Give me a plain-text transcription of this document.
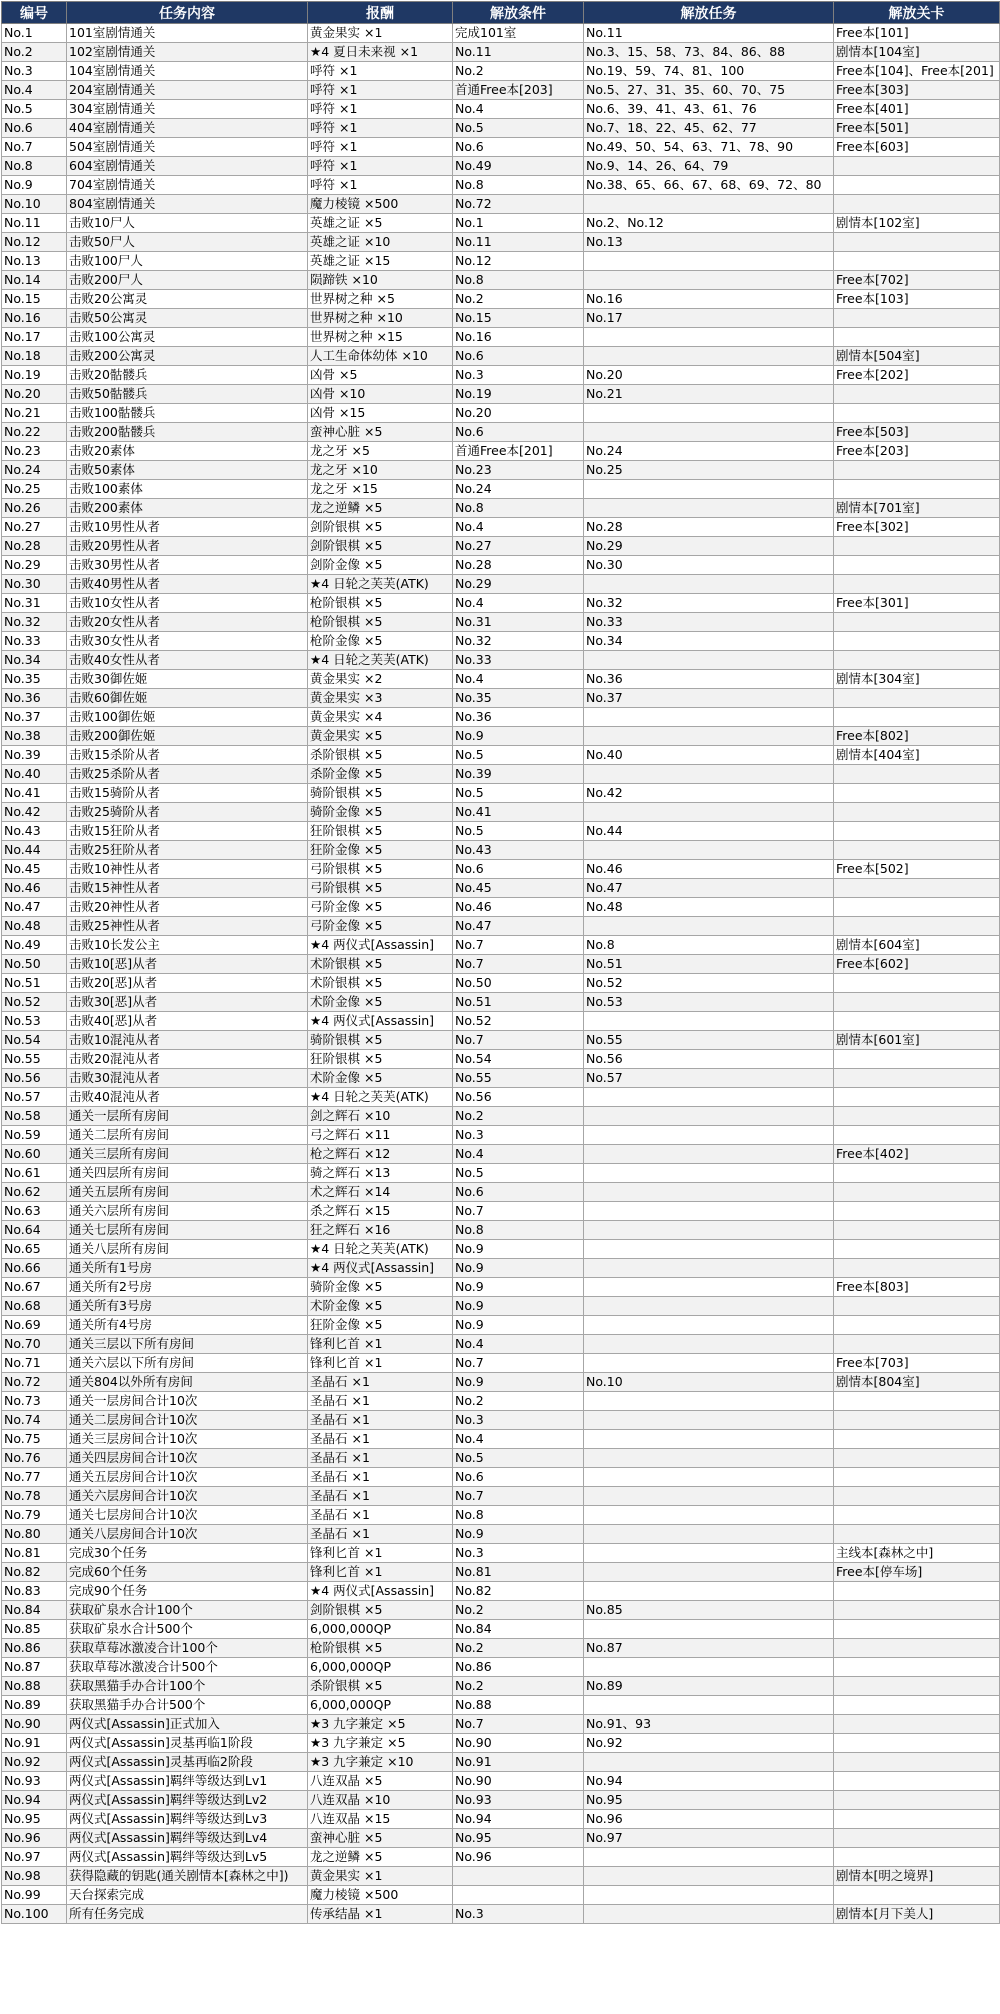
编号	任务内容	报酬	解放条件	解放任务	解放关卡
No.1	101室剧情通关	黄金果实 ×1	完成101室	No.11	Free本[101]
No.2	102室剧情通关	★4 夏日未来视 ×1	No.11	No.3、15、58、73、84、86、88	剧情本[104室]
No.3	104室剧情通关	呼符 ×1	No.2	No.19、59、74、81、100	Free本[104]、Free本[201]
No.4	204室剧情通关	呼符 ×1	首通Free本[203]	No.5、27、31、35、60、70、75	Free本[303]
No.5	304室剧情通关	呼符 ×1	No.4	No.6、39、41、43、61、76	Free本[401]
No.6	404室剧情通关	呼符 ×1	No.5	No.7、18、22、45、62、77	Free本[501]
No.7	504室剧情通关	呼符 ×1	No.6	No.49、50、54、63、71、78、90	Free本[603]
No.8	604室剧情通关	呼符 ×1	No.49	No.9、14、26、64、79	
No.9	704室剧情通关	呼符 ×1	No.8	No.38、65、66、67、68、69、72、80	
No.10	804室剧情通关	魔力棱镜 ×500	No.72		
No.11	击败10尸人	英雄之证 ×5	No.1	No.2、No.12	剧情本[102室]
No.12	击败50尸人	英雄之证 ×10	No.11	No.13	
No.13	击败100尸人	英雄之证 ×15	No.12		
No.14	击败200尸人	陨蹄铁 ×10	No.8		Free本[702]
No.15	击败20公寓灵	世界树之种 ×5	No.2	No.16	Free本[103]
No.16	击败50公寓灵	世界树之种 ×10	No.15	No.17	
No.17	击败100公寓灵	世界树之种 ×15	No.16		
No.18	击败200公寓灵	人工生命体幼体 ×10	No.6		剧情本[504室]
No.19	击败20骷髅兵	凶骨 ×5	No.3	No.20	Free本[202]
No.20	击败50骷髅兵	凶骨 ×10	No.19	No.21	
No.21	击败100骷髅兵	凶骨 ×15	No.20		
No.22	击败200骷髅兵	蛮神心脏 ×5	No.6		Free本[503]
No.23	击败20素体	龙之牙 ×5	首通Free本[201]	No.24	Free本[203]
No.24	击败50素体	龙之牙 ×10	No.23	No.25	
No.25	击败100素体	龙之牙 ×15	No.24		
No.26	击败200素体	龙之逆鳞 ×5	No.8		剧情本[701室]
No.27	击败10男性从者	剑阶银棋 ×5	No.4	No.28	Free本[302]
No.28	击败20男性从者	剑阶银棋 ×5	No.27	No.29	
No.29	击败30男性从者	剑阶金像 ×5	No.28	No.30	
No.30	击败40男性从者	★4 日轮之芙芙(ATK)	No.29		
No.31	击败10女性从者	枪阶银棋 ×5	No.4	No.32	Free本[301]
No.32	击败20女性从者	枪阶银棋 ×5	No.31	No.33	
No.33	击败30女性从者	枪阶金像 ×5	No.32	No.34	
No.34	击败40女性从者	★4 日轮之芙芙(ATK)	No.33		
No.35	击败30御佐姬	黄金果实 ×2	No.4	No.36	剧情本[304室]
No.36	击败60御佐姬	黄金果实 ×3	No.35	No.37	
No.37	击败100御佐姬	黄金果实 ×4	No.36		
No.38	击败200御佐姬	黄金果实 ×5	No.9		Free本[802]
No.39	击败15杀阶从者	杀阶银棋 ×5	No.5	No.40	剧情本[404室]
No.40	击败25杀阶从者	杀阶金像 ×5	No.39		
No.41	击败15骑阶从者	骑阶银棋 ×5	No.5	No.42	
No.42	击败25骑阶从者	骑阶金像 ×5	No.41		
No.43	击败15狂阶从者	狂阶银棋 ×5	No.5	No.44	
No.44	击败25狂阶从者	狂阶金像 ×5	No.43		
No.45	击败10神性从者	弓阶银棋 ×5	No.6	No.46	Free本[502]
No.46	击败15神性从者	弓阶银棋 ×5	No.45	No.47	
No.47	击败20神性从者	弓阶金像 ×5	No.46	No.48	
No.48	击败25神性从者	弓阶金像 ×5	No.47		
No.49	击败10长发公主	★4 两仪式[Assassin]	No.7	No.8	剧情本[604室]
No.50	击败10[恶]从者	术阶银棋 ×5	No.7	No.51	Free本[602]
No.51	击败20[恶]从者	术阶银棋 ×5	No.50	No.52	
No.52	击败30[恶]从者	术阶金像 ×5	No.51	No.53	
No.53	击败40[恶]从者	★4 两仪式[Assassin]	No.52		
No.54	击败10混沌从者	骑阶银棋 ×5	No.7	No.55	剧情本[601室]
No.55	击败20混沌从者	狂阶银棋 ×5	No.54	No.56	
No.56	击败30混沌从者	术阶金像 ×5	No.55	No.57	
No.57	击败40混沌从者	★4 日轮之芙芙(ATK)	No.56		
No.58	通关一层所有房间	剑之辉石 ×10	No.2		
No.59	通关二层所有房间	弓之辉石 ×11	No.3		
No.60	通关三层所有房间	枪之辉石 ×12	No.4		Free本[402]
No.61	通关四层所有房间	骑之辉石 ×13	No.5		
No.62	通关五层所有房间	术之辉石 ×14	No.6		
No.63	通关六层所有房间	杀之辉石 ×15	No.7		
No.64	通关七层所有房间	狂之辉石 ×16	No.8		
No.65	通关八层所有房间	★4 日轮之芙芙(ATK)	No.9		
No.66	通关所有1号房	★4 两仪式[Assassin]	No.9		
No.67	通关所有2号房	骑阶金像 ×5	No.9		Free本[803]
No.68	通关所有3号房	术阶金像 ×5	No.9		
No.69	通关所有4号房	狂阶金像 ×5	No.9		
No.70	通关三层以下所有房间	锋利匕首 ×1	No.4		
No.71	通关六层以下所有房间	锋利匕首 ×1	No.7		Free本[703]
No.72	通关804以外所有房间	圣晶石 ×1	No.9	No.10	剧情本[804室]
No.73	通关一层房间合计10次	圣晶石 ×1	No.2		
No.74	通关二层房间合计10次	圣晶石 ×1	No.3		
No.75	通关三层房间合计10次	圣晶石 ×1	No.4		
No.76	通关四层房间合计10次	圣晶石 ×1	No.5		
No.77	通关五层房间合计10次	圣晶石 ×1	No.6		
No.78	通关六层房间合计10次	圣晶石 ×1	No.7		
No.79	通关七层房间合计10次	圣晶石 ×1	No.8		
No.80	通关八层房间合计10次	圣晶石 ×1	No.9		
No.81	完成30个任务	锋利匕首 ×1	No.3		主线本[森林之中]
No.82	完成60个任务	锋利匕首 ×1	No.81		Free本[停车场]
No.83	完成90个任务	★4 两仪式[Assassin]	No.82		
No.84	获取矿泉水合计100个	剑阶银棋 ×5	No.2	No.85	
No.85	获取矿泉水合计500个	6,000,000QP	No.84		
No.86	获取草莓冰激凌合计100个	枪阶银棋 ×5	No.2	No.87	
No.87	获取草莓冰激凌合计500个	6,000,000QP	No.86		
No.88	获取黑猫手办合计100个	杀阶银棋 ×5	No.2	No.89	
No.89	获取黑猫手办合计500个	6,000,000QP	No.88		
No.90	两仪式[Assassin]正式加入	★3 九字兼定 ×5	No.7	No.91、93	
No.91	两仪式[Assassin]灵基再临1阶段	★3 九字兼定 ×5	No.90	No.92	
No.92	两仪式[Assassin]灵基再临2阶段	★3 九字兼定 ×10	No.91		
No.93	两仪式[Assassin]羁绊等级达到Lv1	八连双晶 ×5	No.90	No.94	
No.94	两仪式[Assassin]羁绊等级达到Lv2	八连双晶 ×10	No.93	No.95	
No.95	两仪式[Assassin]羁绊等级达到Lv3	八连双晶 ×15	No.94	No.96	
No.96	两仪式[Assassin]羁绊等级达到Lv4	蛮神心脏 ×5	No.95	No.97	
No.97	两仪式[Assassin]羁绊等级达到Lv5	龙之逆鳞 ×5	No.96		
No.98	获得隐藏的钥匙(通关剧情本[森林之中])	黄金果实 ×1			剧情本[明之境界]
No.99	天台探索完成	魔力棱镜 ×500			
No.100	所有任务完成	传承结晶 ×1	No.3		剧情本[月下美人]
